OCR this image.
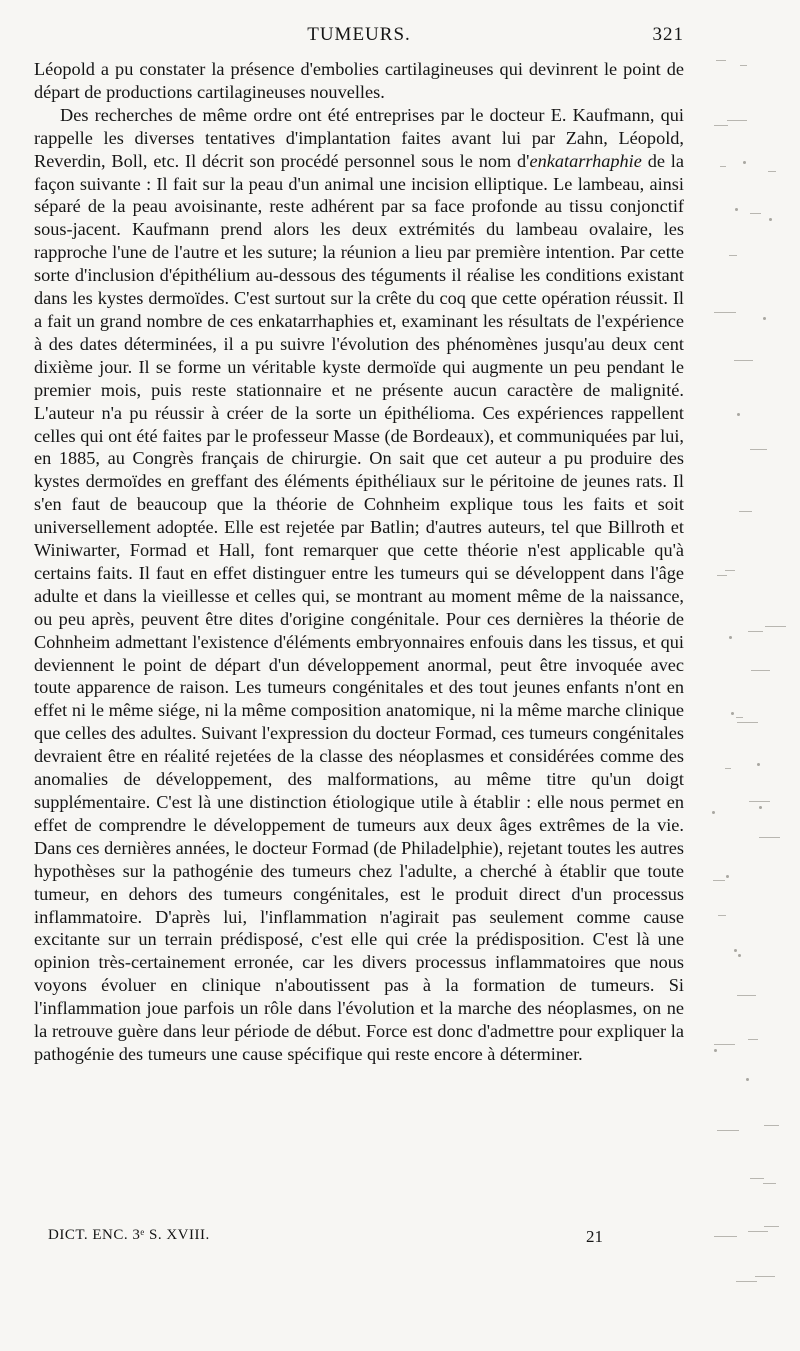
TUMEURS.	321

Léopold a pu constater la présence d'embolies cartilagineuses qui devinrent le point de départ de productions cartilagineuses nouvelles.

Des recherches de même ordre ont été entreprises par le docteur E. Kaufmann, qui rappelle les diverses tentatives d'implantation faites avant lui par Zahn, Léopold, Reverdin, Boll, etc. Il décrit son procédé personnel sous le nom d'enkatarrhaphie de la façon suivante : Il fait sur la peau d'un animal une incision elliptique. Le lambeau, ainsi séparé de la peau avoisinante, reste adhérent par sa face profonde au tissu conjonctif sous-jacent. Kaufmann prend alors les deux extrémités du lambeau ovalaire, les rapproche l'une de l'autre et les suture; la réunion a lieu par première intention. Par cette sorte d'inclusion d'épithélium au-dessous des téguments il réalise les conditions existant dans les kystes dermoïdes. C'est surtout sur la crête du coq que cette opération réussit. Il a fait un grand nombre de ces enkatarrhaphies et, examinant les résultats de l'expérience à des dates déterminées, il a pu suivre l'évolution des phénomènes jusqu'au deux cent dixième jour. Il se forme un véritable kyste dermoïde qui augmente un peu pendant le premier mois, puis reste stationnaire et ne présente aucun caractère de malignité. L'auteur n'a pu réussir à créer de la sorte un épithélioma. Ces expériences rappellent celles qui ont été faites par le professeur Masse (de Bordeaux), et communiquées par lui, en 1885, au Congrès français de chirurgie. On sait que cet auteur a pu produire des kystes dermoïdes en greffant des éléments épithéliaux sur le péritoine de jeunes rats. Il s'en faut de beaucoup que la théorie de Cohnheim explique tous les faits et soit universellement adoptée. Elle est rejetée par Batlin; d'autres auteurs, tel que Billroth et Winiwarter, Formad et Hall, font remarquer que cette théorie n'est applicable qu'à certains faits. Il faut en effet distinguer entre les tumeurs qui se développent dans l'âge adulte et dans la vieillesse et celles qui, se montrant au moment même de la naissance, ou peu après, peuvent être dites d'origine congénitale. Pour ces dernières la théorie de Cohnheim admettant l'existence d'éléments embryonnaires enfouis dans les tissus, et qui deviennent le point de départ d'un développement anormal, peut être invoquée avec toute apparence de raison. Les tumeurs congénitales et des tout jeunes enfants n'ont en effet ni le même siége, ni la même composition anatomique, ni la même marche clinique que celles des adultes. Suivant l'expression du docteur Formad, ces tumeurs congénitales devraient être en réalité rejetées de la classe des néoplasmes et considérées comme des anomalies de développement, des malformations, au même titre qu'un doigt supplémentaire. C'est là une distinction étiologique utile à établir : elle nous permet en effet de comprendre le développement de tumeurs aux deux âges extrêmes de la vie. Dans ces dernières années, le docteur Formad (de Philadelphie), rejetant toutes les autres hypothèses sur la pathogénie des tumeurs chez l'adulte, a cherché à établir que toute tumeur, en dehors des tumeurs congénitales, est le produit direct d'un processus inflammatoire. D'après lui, l'inflammation n'agirait pas seulement comme cause excitante sur un terrain prédisposé, c'est elle qui crée la prédisposition. C'est là une opinion très-certainement erronée, car les divers processus inflammatoires que nous voyons évoluer en clinique n'aboutissent pas à la formation de tumeurs. Si l'inflammation joue parfois un rôle dans l'évolution et la marche des néoplasmes, on ne la retrouve guère dans leur période de début. Force est donc d'admettre pour expliquer la pathogénie des tumeurs une cause spécifique qui reste encore à déterminer.

DICT. ENC. 3ᵉ S. XVIII.	21
